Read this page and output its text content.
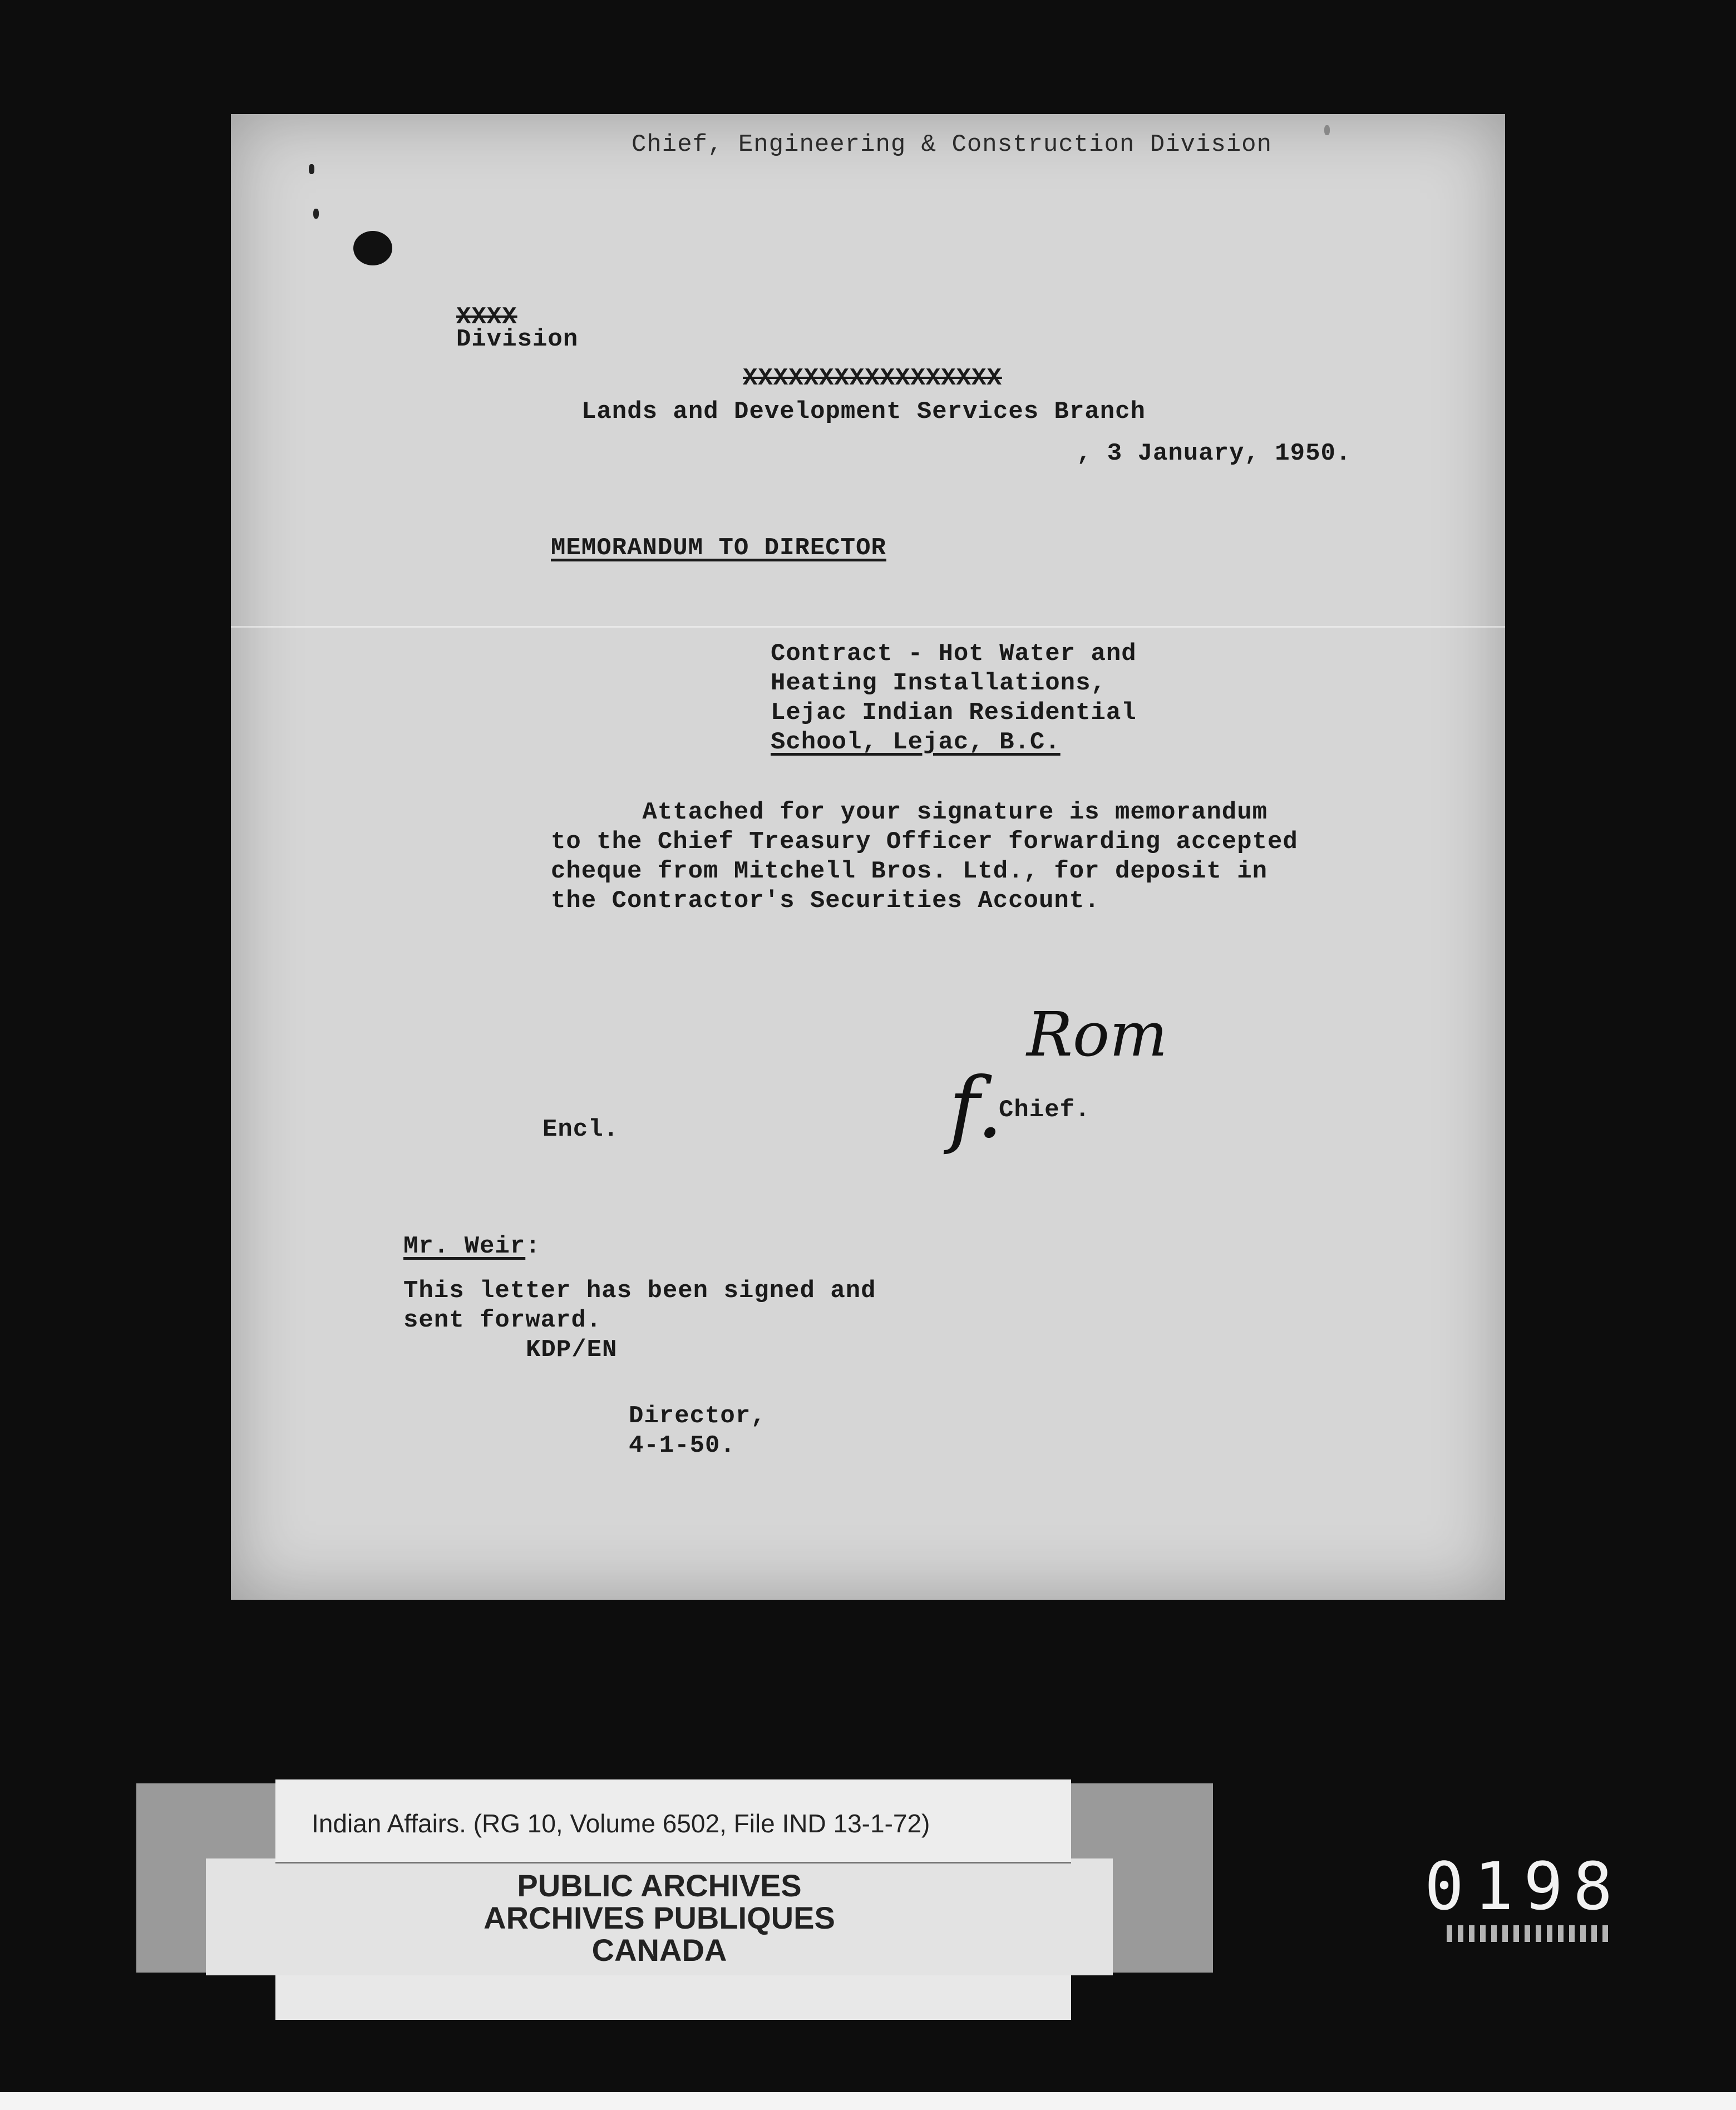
Chief, Engineering & Construction Division
XXXX
Division
XXXXXXXXXXXXXXXXX
Lands and Development Services Branch
, 3 January, 1950.
MEMORANDUM TO DIRECTOR
Contract - Hot Water and
Heating Installations,
Lejac Indian Residential
School, Lejac, B.C.
Attached for your signature is memorandum
to the Chief Treasury Officer forwarding accepted
cheque from Mitchell Bros. Ltd., for deposit in
the Contractor's Securities Account.
Rom
f.
Chief.
Encl.
Mr. Weir:
This letter has been signed and
sent forward.
KDP/EN
Director,
4-1-50.
Indian Affairs. (RG 10, Volume 6502, File IND 13-1-72)
PUBLIC ARCHIVES
ARCHIVES PUBLIQUES
CANADA
0198
